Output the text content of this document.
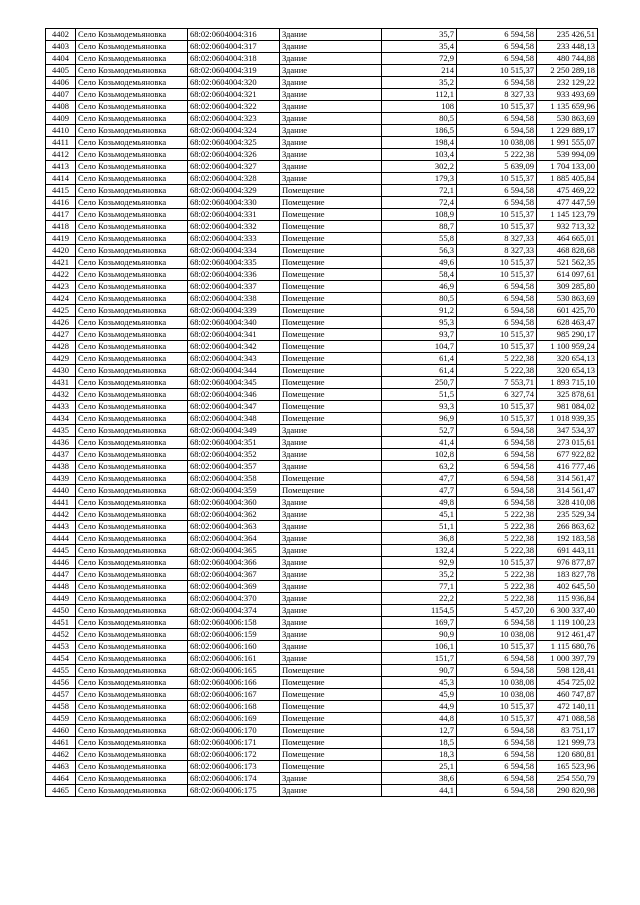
4402	Село Козьмодемьяновка	68:02:0604004:316	Здание	35,7	6 594,58	235 426,51
4403	Село Козьмодемьяновка	68:02:0604004:317	Здание	35,4	6 594,58	233 448,13
4404	Село Козьмодемьяновка	68:02:0604004:318	Здание	72,9	6 594,58	480 744,88
4405	Село Козьмодемьяновка	68:02:0604004:319	Здание	214	10 515,37	2 250 289,18
4406	Село Козьмодемьяновка	68:02:0604004:320	Здание	35,2	6 594,58	232 129,22
4407	Село Козьмодемьяновка	68:02:0604004:321	Здание	112,1	8 327,33	933 493,69
4408	Село Козьмодемьяновка	68:02:0604004:322	Здание	108	10 515,37	1 135 659,96
4409	Село Козьмодемьяновка	68:02:0604004:323	Здание	80,5	6 594,58	530 863,69
4410	Село Козьмодемьяновка	68:02:0604004:324	Здание	186,5	6 594,58	1 229 889,17
4411	Село Козьмодемьяновка	68:02:0604004:325	Здание	198,4	10 038,08	1 991 555,07
4412	Село Козьмодемьяновка	68:02:0604004:326	Здание	103,4	5 222,38	539 994,09
4413	Село Козьмодемьяновка	68:02:0604004:327	Здание	302,2	5 639,09	1 704 133,00
4414	Село Козьмодемьяновка	68:02:0604004:328	Здание	179,3	10 515,37	1 885 405,84
4415	Село Козьмодемьяновка	68:02:0604004:329	Помещение	72,1	6 594,58	475 469,22
4416	Село Козьмодемьяновка	68:02:0604004:330	Помещение	72,4	6 594,58	477 447,59
4417	Село Козьмодемьяновка	68:02:0604004:331	Помещение	108,9	10 515,37	1 145 123,79
4418	Село Козьмодемьяновка	68:02:0604004:332	Помещение	88,7	10 515,37	932 713,32
4419	Село Козьмодемьяновка	68:02:0604004:333	Помещение	55,8	8 327,33	464 665,01
4420	Село Козьмодемьяновка	68:02:0604004:334	Помещение	56,3	8 327,33	468 828,68
4421	Село Козьмодемьяновка	68:02:0604004:335	Помещение	49,6	10 515,37	521 562,35
4422	Село Козьмодемьяновка	68:02:0604004:336	Помещение	58,4	10 515,37	614 097,61
4423	Село Козьмодемьяновка	68:02:0604004:337	Помещение	46,9	6 594,58	309 285,80
4424	Село Козьмодемьяновка	68:02:0604004:338	Помещение	80,5	6 594,58	530 863,69
4425	Село Козьмодемьяновка	68:02:0604004:339	Помещение	91,2	6 594,58	601 425,70
4426	Село Козьмодемьяновка	68:02:0604004:340	Помещение	95,3	6 594,58	628 463,47
4427	Село Козьмодемьяновка	68:02:0604004:341	Помещение	93,7	10 515,37	985 290,17
4428	Село Козьмодемьяновка	68:02:0604004:342	Помещение	104,7	10 515,37	1 100 959,24
4429	Село Козьмодемьяновка	68:02:0604004:343	Помещение	61,4	5 222,38	320 654,13
4430	Село Козьмодемьяновка	68:02:0604004:344	Помещение	61,4	5 222,38	320 654,13
4431	Село Козьмодемьяновка	68:02:0604004:345	Помещение	250,7	7 553,71	1 893 715,10
4432	Село Козьмодемьяновка	68:02:0604004:346	Помещение	51,5	6 327,74	325 878,61
4433	Село Козьмодемьяновка	68:02:0604004:347	Помещение	93,3	10 515,37	981 084,02
4434	Село Козьмодемьяновка	68:02:0604004:348	Помещение	96,9	10 515,37	1 018 939,35
4435	Село Козьмодемьяновка	68:02:0604004:349	Здание	52,7	6 594,58	347 534,37
4436	Село Козьмодемьяновка	68:02:0604004:351	Здание	41,4	6 594,58	273 015,61
4437	Село Козьмодемьяновка	68:02:0604004:352	Здание	102,8	6 594,58	677 922,82
4438	Село Козьмодемьяновка	68:02:0604004:357	Здание	63,2	6 594,58	416 777,46
4439	Село Козьмодемьяновка	68:02:0604004:358	Помещение	47,7	6 594,58	314 561,47
4440	Село Козьмодемьяновка	68:02:0604004:359	Помещение	47,7	6 594,58	314 561,47
4441	Село Козьмодемьяновка	68:02:0604004:360	Здание	49,8	6 594,58	328 410,08
4442	Село Козьмодемьяновка	68:02:0604004:362	Здание	45,1	5 222,38	235 529,34
4443	Село Козьмодемьяновка	68:02:0604004:363	Здание	51,1	5 222,38	266 863,62
4444	Село Козьмодемьяновка	68:02:0604004:364	Здание	36,8	5 222,38	192 183,58
4445	Село Козьмодемьяновка	68:02:0604004:365	Здание	132,4	5 222,38	691 443,11
4446	Село Козьмодемьяновка	68:02:0604004:366	Здание	92,9	10 515,37	976 877,87
4447	Село Козьмодемьяновка	68:02:0604004:367	Здание	35,2	5 222,38	183 827,78
4448	Село Козьмодемьяновка	68:02:0604004:369	Здание	77,1	5 222,38	402 645,50
4449	Село Козьмодемьяновка	68:02:0604004:370	Здание	22,2	5 222,38	115 936,84
4450	Село Козьмодемьяновка	68:02:0604004:374	Здание	1154,5	5 457,20	6 300 337,40
4451	Село Козьмодемьяновка	68:02:0604006:158	Здание	169,7	6 594,58	1 119 100,23
4452	Село Козьмодемьяновка	68:02:0604006:159	Здание	90,9	10 038,08	912 461,47
4453	Село Козьмодемьяновка	68:02:0604006:160	Здание	106,1	10 515,37	1 115 680,76
4454	Село Козьмодемьяновка	68:02:0604006:161	Здание	151,7	6 594,58	1 000 397,79
4455	Село Козьмодемьяновка	68:02:0604006:165	Помещение	90,7	6 594,58	598 128,41
4456	Село Козьмодемьяновка	68:02:0604006:166	Помещение	45,3	10 038,08	454 725,02
4457	Село Козьмодемьяновка	68:02:0604006:167	Помещение	45,9	10 038,08	460 747,87
4458	Село Козьмодемьяновка	68:02:0604006:168	Помещение	44,9	10 515,37	472 140,11
4459	Село Козьмодемьяновка	68:02:0604006:169	Помещение	44,8	10 515,37	471 088,58
4460	Село Козьмодемьяновка	68:02:0604006:170	Помещение	12,7	6 594,58	83 751,17
4461	Село Козьмодемьяновка	68:02:0604006:171	Помещение	18,5	6 594,58	121 999,73
4462	Село Козьмодемьяновка	68:02:0604006:172	Помещение	18,3	6 594,58	120 680,81
4463	Село Козьмодемьяновка	68:02:0604006:173	Помещение	25,1	6 594,58	165 523,96
4464	Село Козьмодемьяновка	68:02:0604006:174	Здание	38,6	6 594,58	254 550,79
4465	Село Козьмодемьяновка	68:02:0604006:175	Здание	44,1	6 594,58	290 820,98
